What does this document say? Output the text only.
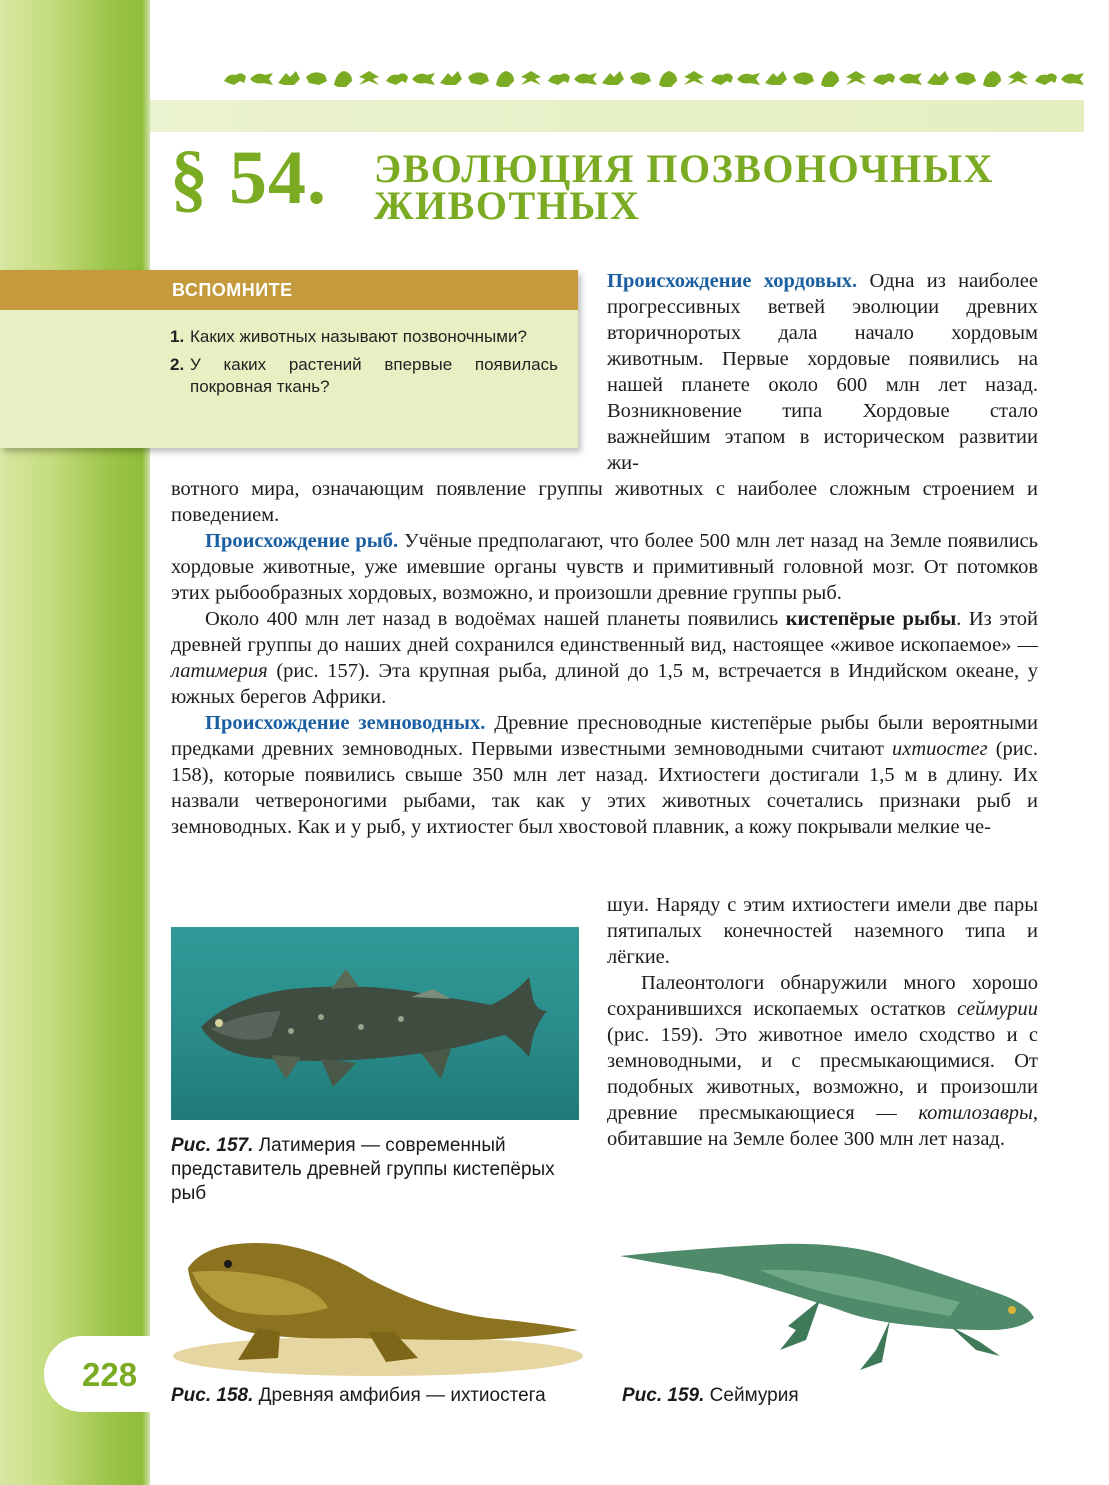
§ 54. ЭВОЛЮЦИЯ ПОЗВОНОЧНЫХ
ЖИВОТНЫХ
ВСПОМНИТЕ
1. Каких животных называют позвоночными?
2. У каких растений впервые появилась покровная ткань?
Происхождение хордовых. Одна из наиболее прогрессивных ветвей эволюции древних вторичноротых дала начало хордовым животным. Первые хордовые появились на нашей планете около 600 млн лет назад. Возникновение типа Хордовые стало важнейшим этапом в историческом развитии жи-
вотного мира, означающим появление группы животных с наиболее сложным строением и поведением.
Происхождение рыб. Учёные предполагают, что более 500 млн лет назад на Земле появились хордовые животные, уже имевшие органы чувств и примитивный головной мозг. От потомков этих рыбообразных хордовых, возможно, и произошли древние группы рыб.
Около 400 млн лет назад в водоёмах нашей планеты появились кистепёрые рыбы. Из этой древней группы до наших дней сохранился единственный вид, настоящее «живое ископаемое» — латимерия (рис. 157). Эта крупная рыба, длиной до 1,5 м, встречается в Индийском океане, у южных берегов Африки.
Происхождение земноводных. Древние пресноводные кистепёрые рыбы были вероятными предками древних земноводных. Первыми известными земноводными считают ихтиостег (рис. 158), которые появились свыше 350 млн лет назад. Ихтиостеги достигали 1,5 м в длину. Их назвали четвероногими рыбами, так как у этих животных сочетались признаки рыб и земноводных. Как и у рыб, у ихтиостег был хвостовой плавник, а кожу покрывали мелкие че-
шуи. Наряду с этим ихтиостеги имели две пары пятипалых конечностей наземного типа и лёгкие.
Палеонтологи обнаружили много хорошо сохранившихся ископаемых остатков сеймурии (рис. 159). Это животное имело сходство и с земноводными, и с пресмыкающимися. От подобных животных, возможно, и произошли древние пресмыкающиеся — котилозавры, обитавшие на Земле более 300 млн лет назад.
Рис. 157. Латимерия — современный представитель древней группы кистепёрых рыб
Рис. 158. Древняя амфибия — ихтиостега	Рис. 159. Сеймурия
228
